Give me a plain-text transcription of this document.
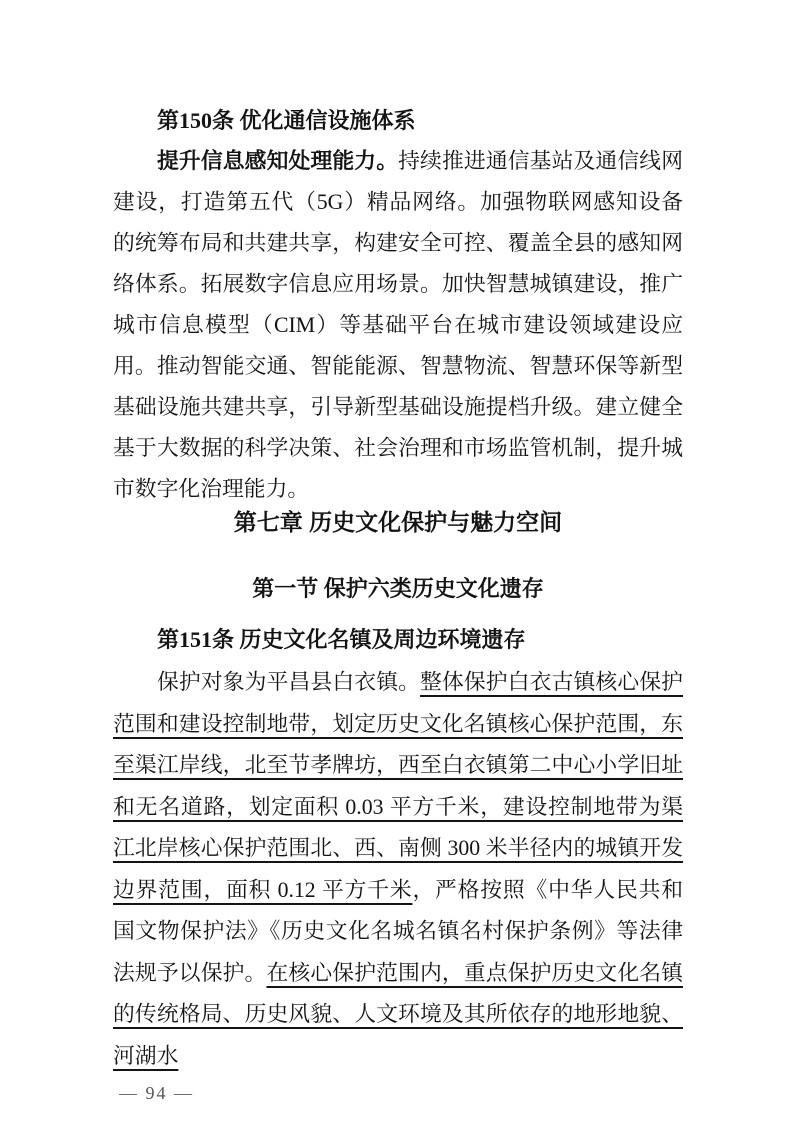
第150条 优化通信设施体系

提升信息感知处理能力。持续推进通信基站及通信线网建设，打造第五代（5G）精品网络。加强物联网感知设备的统筹布局和共建共享，构建安全可控、覆盖全县的感知网络体系。拓展数字信息应用场景。加快智慧城镇建设，推广城市信息模型（CIM）等基础平台在城市建设领域建设应用。推动智能交通、智能能源、智慧物流、智慧环保等新型基础设施共建共享，引导新型基础设施提档升级。建立健全基于大数据的科学决策、社会治理和市场监管机制，提升城市数字化治理能力。

第七章 历史文化保护与魅力空间
第一节 保护六类历史文化遗存
第151条 历史文化名镇及周边环境遗存

保护对象为平昌县白衣镇。整体保护白衣古镇核心保护范围和建设控制地带，划定历史文化名镇核心保护范围，东至渠江岸线，北至节孝牌坊，西至白衣镇第二中心小学旧址和无名道路，划定面积 0.03 平方千米，建设控制地带为渠江北岸核心保护范围北、西、南侧 300 米半径内的城镇开发边界范围，面积 0.12 平方千米，严格按照《中华人民共和国文物保护法》《历史文化名城名镇名村保护条例》等法律法规予以保护。在核心保护范围内，重点保护历史文化名镇的传统格局、历史风貌、人文环境及其所依存的地形地貌、河湖水

— 94 —
